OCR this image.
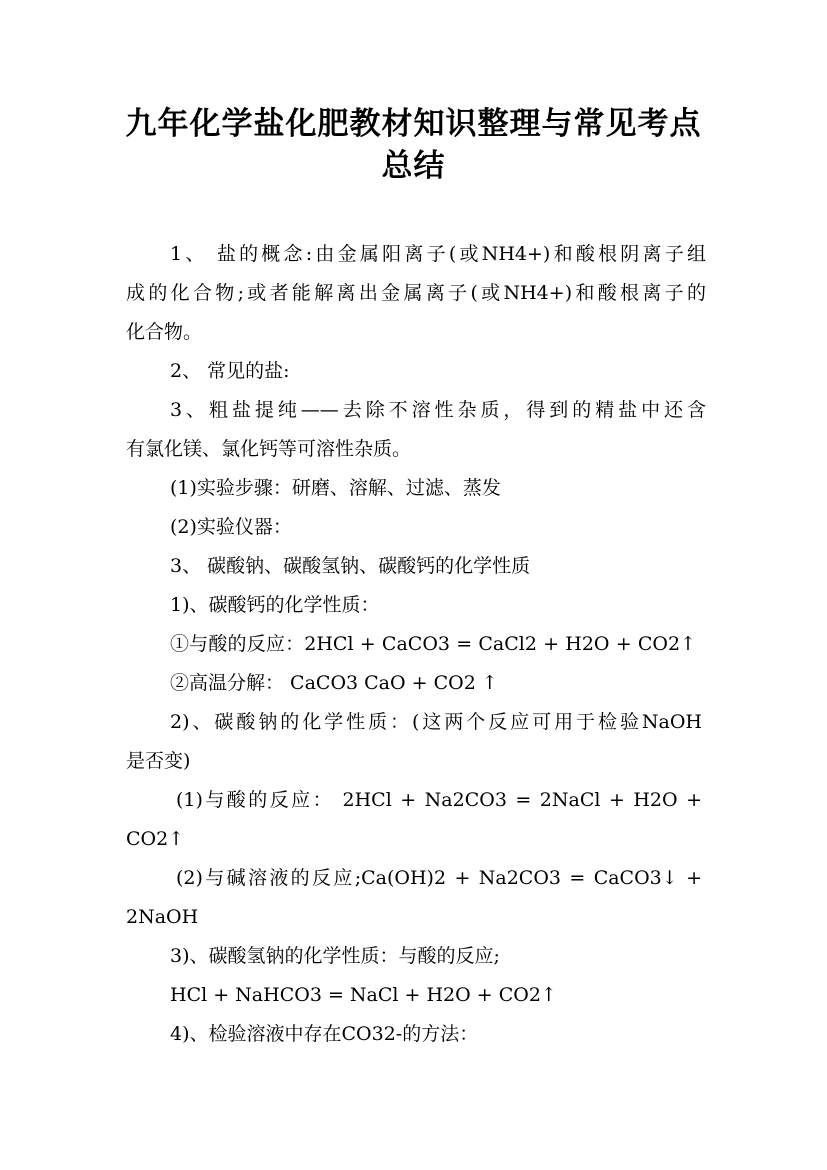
九年化学盐化肥教材知识整理与常见考点
总结
1、 盐的概念:由金属阳离子(或NH4+)和酸根阴离子组
成的化合物;或者能解离出金属离子(或NH4+)和酸根离子的
化合物。
2、 常见的盐:
3、粗盐提纯——去除不溶性杂质，得到的精盐中还含
有氯化镁、氯化钙等可溶性杂质。
(1)实验步骤：研磨、溶解、过滤、蒸发
(2)实验仪器：
3、 碳酸钠、碳酸氢钠、碳酸钙的化学性质
1)、碳酸钙的化学性质：
①与酸的反应：2HCl + CaCO3 = CaCl2 + H2O + CO2↑
②高温分解： CaCO3 CaO + CO2 ↑
2)、碳酸钠的化学性质：(这两个反应可用于检验NaOH
是否变)
(1)与酸的反应： 2HCl + Na2CO3 = 2NaCl + H2O +
CO2↑
(2)与碱溶液的反应;Ca(OH)2 + Na2CO3 = CaCO3↓ +
2NaOH
3)、碳酸氢钠的化学性质：与酸的反应;
HCl + NaHCO3 = NaCl + H2O + CO2↑
4)、检验溶液中存在CO32-的方法：
